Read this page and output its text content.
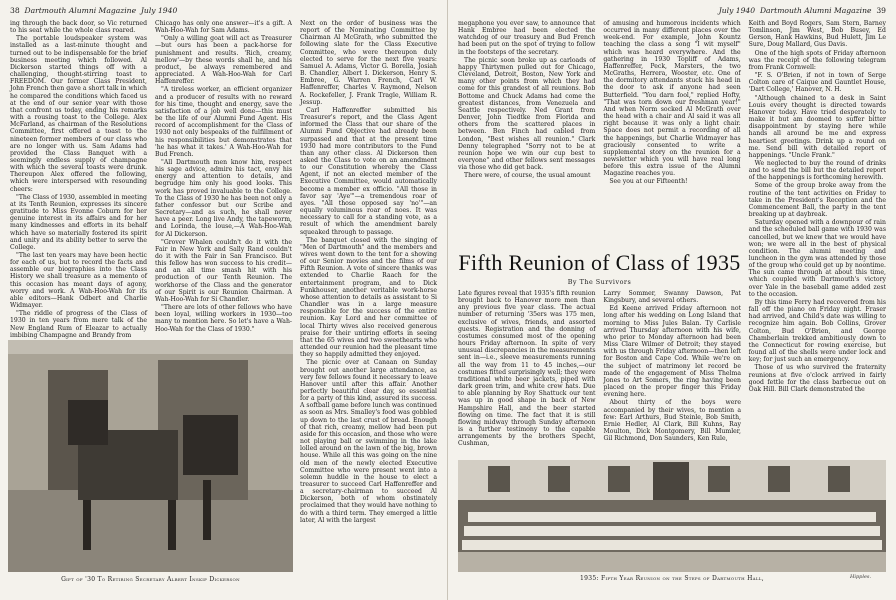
38 Dartmouth Alumni Magazine July 1940

ing through the back door, so Vic returned to his seat while the whole class roared.

The portable loudspeaker system was installed as a last-minute thought and turned out to be indispensable for the brief business meeting which followed. Al Dickerson started things off with a challenging, thought-stirring toast to FREEDOM. Our former Class President, John French then gave a short talk in which he compared the conditions which faced us at the end of our senior year with those that confront us today, ending his remarks with a rousing toast to the College. Alex McFarland, as chairman of the Resolutions Committee, first offered a toast to the nineteen former members of our class who are no longer with us. Sam Adams had provided the Class Banquet with a seemingly endless supply of champagne with which the several toasts were drunk. Thereupon Alex offered the following, which were interspersed with resounding cheers:

"The Class of 1930, assembled in meeting at its Tenth Reunion, expresses its sincere gratitude to Miss Evonne Coburn for her genuine interest in its affairs and for her many kindnesses and efforts in its behalf which have so materially fostered its spirit and unity and its ability better to serve the College.

"The last ten years may have been hectic for each of us, but to record the facts and assemble our biographies into the Class History we shall treasure as a memento of this occasion has meant days of agony, worry and work. A Wah-Hoo-Wah for its able editors—Hank Odbert and Charlie Widmayer.

"The riddle of progress of the Class of 1930 in ten years from mere talk of the New England Rum of Eleazar to actually imbibing Champagne and Brandy from

Chicago has only one answer—it's a gift. A Wah-Hoo-Wah for Sam Adams.

"Only a willing goat will act as Treasurer—but ours has been a pack-horse for punishment and results. 'Rich, creamy, mellow'—by these words shall he, and his product, be always remembered and appreciated. A Wah-Hoo-Wah for Carl Haffenreffer.

"A tireless worker, an efficient organizer and a producer of results with no reward for his time, thought and energy, save the satisfaction of a job well done—this must be the life of our Alumni Fund Agent. His record of accomplishment for the Class of 1930 not only bespeaks of the fulfillment of his responsibilities but demonstrates that 'he has what it takes.' A Wah-Hoo-Wah for Bud French.

"All Dartmouth men know him, respect his sage advice, admire his tact, envy his energy and attention to details, and begrudge him only his good looks. This work has proved invaluable to the College. To the Class of 1930 he has been not only a father confessor but our Scribe and Secretary—and as such, he shall never have a peer. Long live Andy, the tapeworm, and Lorinda, the louse,—A Wah-Hoo-Wah for Al Dickerson.

"Grover Whalen couldn't do it with the Fair in New York and Sally Rand couldn't do it with the Fair in San Francisco. But this fellow has won success to his credit—and an all time smash hit with his production of our Tenth Reunion. The workhorse of the Class and the generator of our Spirit is our Reunion Chairman. A Wah-Hoo-Wah for Si Chandler.

"There are lots of other fellows who have been loyal, willing workers in 1930—too many to mention here. So let's have a Wah-Hoo-Wah for the Class of 1930."

Next on the order of business was the report of the Nominating Committee by Chairman Al McGrath, who submitted the following slate for the Class Executive Committee, who were thereupon duly elected to serve for the next five years: Samuel A. Adams, Victor G. Borella, Josiah B. Chandler, Albert I. Dickerson, Henry S. Embree, G. Warren French, Carl W. Haffenreffer, Charles V. Raymond, Nelson A. Rockefeller, J. Frank Tragle, William R. Jessup.

Carl Haffenreffer submitted his Treasurer's report, and the Class Agent informed the Class that our share of the Alumni Fund Objective had already been surpassed and that at the present time 1930 had more contributors to the Fund than any other class. Al Dickerson then asked the Class to vote on an amendment to our Constitution whereby the Class Agent, if not an elected member of the Executive Committee, would automatically become a member ex officio. "All those in favor say 'Aye'"—a tremendous roar of ayes. "All those opposed say 'no'"—an equally voluminous roar of noes. It was necessary to call for a standing vote, as a result of which the amendment barely squeaked through to passage.

The banquet closed with the singing of "Men of Dartmouth" and the members and wives went down to the tent for a showing of our Senior movies and the films of our Fifth Reunion. A vote of sincere thanks was extended to Charlie Raach for the entertainment program, and to Dick Funkhouser, another veritable work-horse whose attention to details as assistant to Si Chandler was in a large measure responsible for the success of the entire reunion. Kay Lord and her committee of local Thirty wives also received generous praise for their untiring efforts in seeing that the 65 wives and two sweethearts who attended our reunion had the pleasant time they so happily admitted they enjoyed.

The picnic over at Canaan on Sunday brought out another large attendance, as very few fellows found it necessary to leave Hanover until after this affair. Another perfectly beautiful clear day, so essential for a party of this kind, assured its success. A softball game before lunch was continued as soon as Mrs. Smalley's food was gobbled up down to the last crust of bread. Enough of that rich, creamy, mellow had been put aside for this occasion, and those who were not playing ball or swimming in the lake lolled around on the lawn of the big, brown house. While all this was going on the nine old men of the newly elected Executive Committee who were present went into a solemn huddle in the house to elect a treasurer to succeed Carl Haffenreffer and a secretary-chairman to succeed Al Dickerson, both of whom obstinately proclaimed that they would have nothing to do with a third term. They emerged a little later, Al with the largest

Gift of '30 To Retiring Secretary Albert Inskip Dickerson
July 1940 Dartmouth Alumni Magazine 39

megaphone you ever saw, to announce that Hank Embree had been elected the watchdog of our treasury and Bud French had been put on the spot of trying to follow in the footsteps of the secretary.

The picnic soon broke up as carloads of happy Thirtymen pulled out for Chicago, Cleveland, Detroit, Boston, New York and many other points from which they had come for this grandest of all reunions. Bob Bottome and Chuck Adams had come the greatest distances, from Venezuela and Seattle respectively. Ned Grant from Denver, John Tiedtke from Florida and others from the scattered places in between. Ben Finch had cabled from London, "Best wishes all reunion." Clark Denny telegraphed "Sorry not to be at reunion hope we win our cup best to everyone" and other fellows sent messages via those who did get back.

There were, of course, the usual amount

of amusing and humorous incidents which occurred in many different places over the week-end. For example, John Kountz teaching the class a song "I wit myself" which was heard everywhere. And the gathering in 1930 Topliff of Adams, Haffenreffer, Peck, Marsters, the two McGraths, Herrera, Wooster, etc. One of the dormitory attendants stuck his head in the door to ask if anyone had seen Butterfield. "You darn fool," replied Hofty, "That was torn down our freshman year!" And when Norm socked Al McGrath over the head with a chair and Al said it was all right because it was only a light chair. Space does not permit a recording of all the happenings, but Charlie Widmayer has graciously consented to write a supplemental story on the reunion for a newsletter which you will have real long before this extra issue of the Alumni Magazine reaches you.

See you at our Fifteenth!

Keith and Boyd Rogers, Sam Stern, Barney Tomlinson, Jim West, Bob Busey, Ed Gerson, Hank Hawkins, Bud Hulett, Jim Le Sure, Doug Mallard, Gus Davis.

One of the high spots of Friday afternoon was the receipt of the following telegram from Frank Cornwell:

"F. S. O'Brien, if not in town of Serge Colton care of Caique and Gauntlet House, 'Dart College,' Hanover, N. H.

"Although chained to a desk in Saint Louis every thought is directed towards Hanover today. Have tried desperately to make it but am doomed to suffer bitter disappointment by staying here while hands all around be me and express heartiest greetings. Drink up a round on me. Send bill with detailed report of happenings. "Uncle Frank."

We neglected to buy the round of drinks and to send the bill but the detailed report of the happenings is forthcoming herewith.

Some of the group broke away from the routine of the tent activities on Friday to take in the President's Reception and the Commencement Ball, the party in the tent breaking up at daybreak.

Saturday opened with a downpour of rain and the scheduled ball game with 1930 was cancelled, but we knew that we would have won; we were all in the best of physical condition. The alumni meeting and luncheon in the gym was attended by those of the group who could get up by noontime. The sun came through at about this time, which coupled with Dartmouth's victory over Yale in the baseball game added zest to the occasion.

By this time Ferry had recovered from his fall off the piano on Friday night. Fraser had arrived, and Child's date was willing to recognize him again. Bob Collins, Grover Colton, Bud O'Brien, and George Chamberlain trekked ambitiously down to the Connecticut for rowing exercise, but found all of the shells were under lock and key; for just such an emergency.

Those of us who survived the fraternity reunions at five o'clock arrived in fairly good fettle for the class barbecue out on Oak Hill. Bill Clark demonstrated the

Fifth Reunion of Class of 1935
By The Survivors

Late figures reveal that 1935's fifth reunion brought back to Hanover more men than any previous five year class. The actual number of returning '35ers was 175 men, exclusive of wives, friends, and assorted guests. Registration and the donning of costumes consumed most of the opening hours Friday afternoon. In spite of very unusual discrepancies in the measurements sent in—i.e., sleeve measurements running all the way from 11 to 45 inches,—our costumes fitted surprisingly well; they were traditional white beer jackets, piped with dark green trim, and white crew hats. Due to able planning by Roy Shattuck our tent was up in good shape in back of New Hampshire Hall, and the beer started flowing on time. The fact that it is still flowing midway through Sunday afternoon is a further testimony to the capable arrangements by the brothers Specht, Cushman,

Larry Sommer, Swanny Dawson, Pat Kingsbury, and several others.

Ed Keene arrived Friday afternoon not long after his wedding on Long Island that morning to Miss Jules Balan. Ty Carlisle arrived Thursday afternoon with his wife, who prior to Monday afternoon had been Miss Clare Wilmer of Detroit; they stayed with us through Friday afternoon—then left for Boston and Cape Cod. While we're on the subject of matrimony let record be made of the engagement of Miss Thelma Jones to Art Somers, the ring having been placed on the proper finger this Friday evening here.

About thirty of the boys were accompanied by their wives, to mention a few: Earl Arthurs, Bud Steinle, Bob Smith, Ernie Hedler, Al Clark, Bill Kuhns, Ray Moulton, Dick Montgomery, Bill Mumler, Gil Richmond, Don Saunders, Ken Rule,

1935: Fifth Year Reunion on the Steps of Dartmouth Hall,	Hipples.
